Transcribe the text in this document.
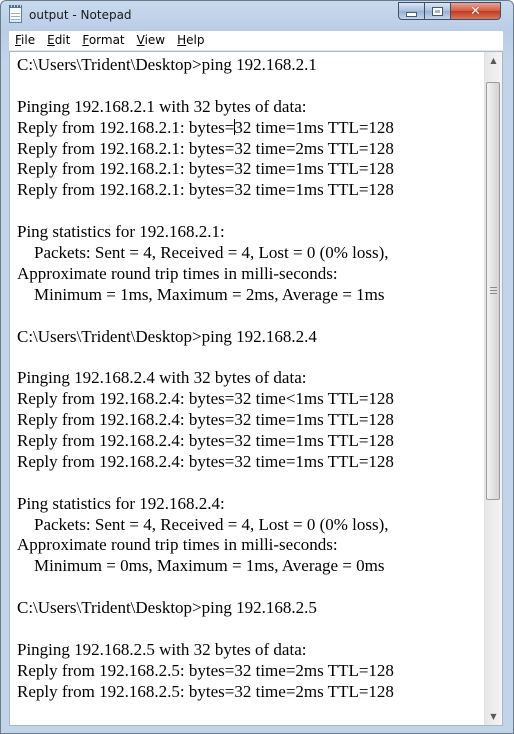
output - Notepad	✕
File	Edit	Format	View	Help
C:\Users\Trident\Desktop>ping 192.168.2.1
Pinging 192.168.2.1 with 32 bytes of data:
Reply from 192.168.2.1: bytes=32 time=1ms TTL=128
Reply from 192.168.2.1: bytes=32 time=2ms TTL=128
Reply from 192.168.2.1: bytes=32 time=1ms TTL=128
Reply from 192.168.2.1: bytes=32 time=1ms TTL=128
Ping statistics for 192.168.2.1:
Packets: Sent = 4, Received = 4, Lost = 0 (0% loss),
Approximate round trip times in milli-seconds:
Minimum = 1ms, Maximum = 2ms, Average = 1ms
C:\Users\Trident\Desktop>ping 192.168.2.4
Pinging 192.168.2.4 with 32 bytes of data:
Reply from 192.168.2.4: bytes=32 time<1ms TTL=128
Reply from 192.168.2.4: bytes=32 time=1ms TTL=128
Reply from 192.168.2.4: bytes=32 time=1ms TTL=128
Reply from 192.168.2.4: bytes=32 time=1ms TTL=128
Ping statistics for 192.168.2.4:
Packets: Sent = 4, Received = 4, Lost = 0 (0% loss),
Approximate round trip times in milli-seconds:
Minimum = 0ms, Maximum = 1ms, Average = 0ms
C:\Users\Trident\Desktop>ping 192.168.2.5
Pinging 192.168.2.5 with 32 bytes of data:
Reply from 192.168.2.5: bytes=32 time=2ms TTL=128
Reply from 192.168.2.5: bytes=32 time=2ms TTL=128
▲
▼
